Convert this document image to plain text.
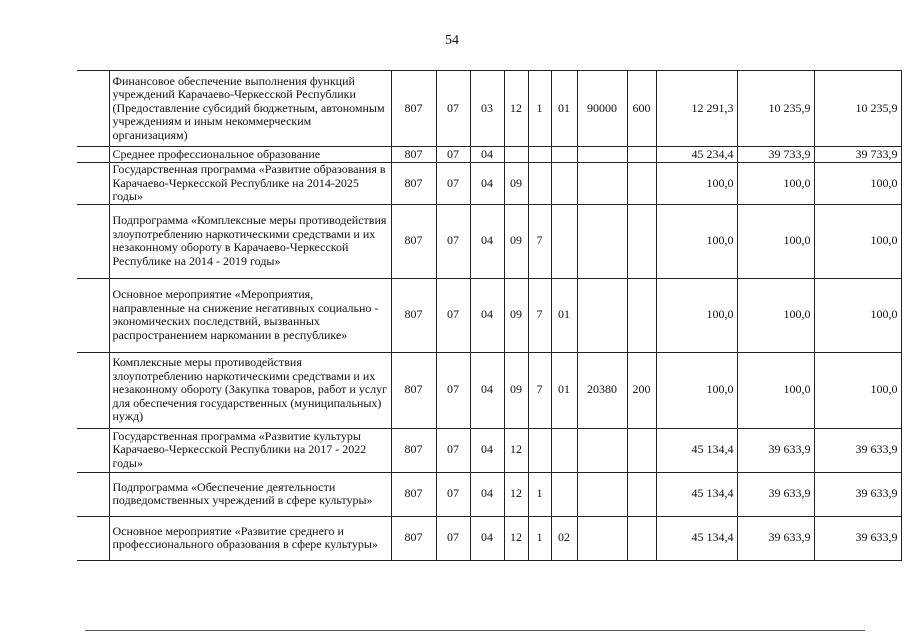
54
	Финансовое обеспечение выполнения функций учреждений Карачаево-Черкесской Республики (Предоставление субсидий бюджетным, автономным учреждениям и иным некоммерческим организациям)	807	07	03	12	1	01	90000	600	12 291,3	10 235,9	10 235,9
	Среднее профессиональное образование	807	07	04						45 234,4	39 733,9	39 733,9
	Государственная программа «Развитие образования в Карачаево-Черкесской Республике на 2014-2025 годы»	807	07	04	09					100,0	100,0	100,0
	Подпрограмма «Комплексные меры противодействия злоупотреблению наркотическими средствами и их незаконному обороту в Карачаево-Черкесской Республике на 2014 - 2019 годы»	807	07	04	09	7				100,0	100,0	100,0
	Основное мероприятие «Мероприятия, направленные на снижение негативных социально - экономических последствий, вызванных распространением наркомании в республике»	807	07	04	09	7	01			100,0	100,0	100,0
	Комплексные меры противодействия злоупотреблению наркотическими средствами и их незаконному обороту (Закупка товаров, работ и услуг для обеспечения государственных (муниципальных) нужд)	807	07	04	09	7	01	20380	200	100,0	100,0	100,0
	Государственная программа «Развитие культуры Карачаево-Черкесской Республики на 2017 - 2022 годы»	807	07	04	12					45 134,4	39 633,9	39 633,9
	Подпрограмма «Обеспечение деятельности подведомственных учреждений в сфере культуры»	807	07	04	12	1				45 134,4	39 633,9	39 633,9
	Основное мероприятие «Развитие среднего и профессионального образования в сфере культуры»	807	07	04	12	1	02			45 134,4	39 633,9	39 633,9
